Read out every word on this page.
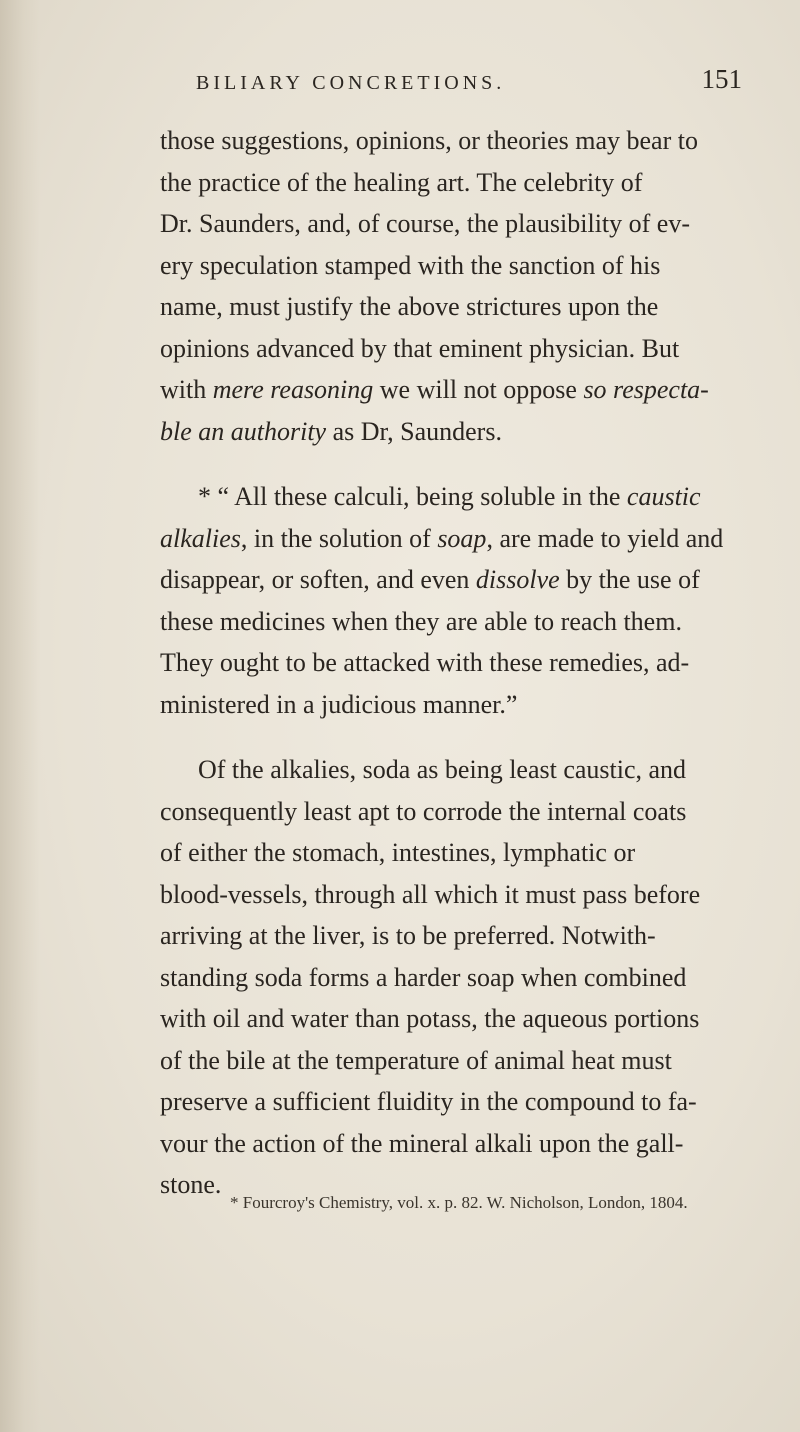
BILIARY CONCRETIONS.	151
those suggestions, opinions, or theories may bear to
the practice of the healing art. The celebrity of
Dr. Saunders, and, of course, the plausibility of ev-
ery speculation stamped with the sanction of his
name, must justify the above strictures upon the
opinions advanced by that eminent physician. But
with mere reasoning we will not oppose so respecta-
ble an authority as Dr, Saunders.
* “ All these calculi, being soluble in the caustic
alkalies, in the solution of soap, are made to yield and
disappear, or soften, and even dissolve by the use of
these medicines when they are able to reach them.
They ought to be attacked with these remedies, ad-
ministered in a judicious manner.”
Of the alkalies, soda as being least caustic, and
consequently least apt to corrode the internal coats
of either the stomach, intestines, lymphatic or
blood-vessels, through all which it must pass before
arriving at the liver, is to be preferred. Notwith-
standing soda forms a harder soap when combined
with oil and water than potass, the aqueous portions
of the bile at the temperature of animal heat must
preserve a sufficient fluidity in the compound to fa-
vour the action of the mineral alkali upon the gall-
stone.
* Fourcroy's Chemistry, vol. x. p. 82. W. Nicholson, London, 1804.
